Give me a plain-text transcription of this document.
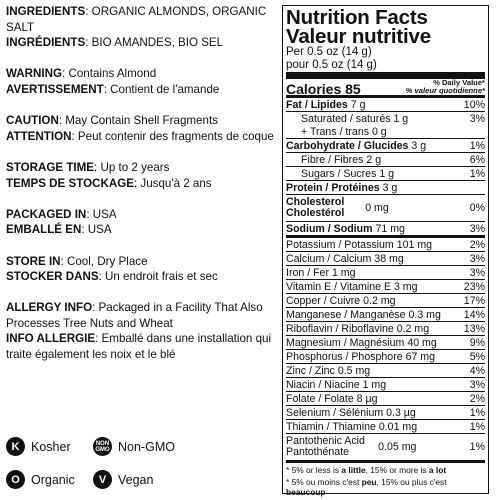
INGREDIENTS: ORGANIC ALMONDS, ORGANIC SALT

INGRÉDIENTS: BIO AMANDES, BIO SEL

WARNING: Contains Almond

AVERTISSEMENT: Contient de l'amande

CAUTION: May Contain Shell Fragments

ATTENTION: Peut contenir des fragments de coque

STORAGE TIME: Up to 2 years

TEMPS DE STOCKAGE: Jusqu'à 2 ans

PACKAGED IN: USA

EMBALLÉ EN: USA

STORE IN: Cool, Dry Place

STOCKER DANS: Un endroit frais et sec

ALLERGY INFO: Packaged in a Facility That Also Processes Tree Nuts and Wheat

INFO ALLERGIE: Emballé dans une installation qui traite également les noix et le blé

K Kosher	NON GMO Non-GMO
O Organic	V Vegan
Nutrition Facts
Valeur nutritive
Per 0.5 oz (14 g)
pour 0.5 oz (14 g)
Calories 85	% Daily Value*
% valeur quotidienne*
Fat / Lipides 7 g	10%
Saturated / saturés 1 g	3%
+ Trans / trans 0 g
Carbohydrate / Glucides 3 g	1%
Fibre / Fibres 2 g	6%
Sugars / Sucres 1 g	1%
Protein / Protéines 3 g
Cholesterol
Cholestérol 0 mg	0%
Sodium / Sodium 71 mg	3%
Potassium / Potassium 101 mg	2%
Calcium / Calcium 38 mg	3%
Iron / Fer 1 mg	3%
Vitamin E / Vitamine E 3 mg	23%
Copper / Cuivre 0.2 mg	17%
Manganese / Manganèse 0.3 mg 14%
Riboflavin / Riboflavine 0.2 mg	13%
Magnesium / Magnésium 40 mg	9%
Phosphorus / Phosphore 67 mg	5%
Zinc / Zinc 0.5 mg	4%
Niacin / Niacine 1 mg	3%
Folate / Folate 8 µg	2%
Selenium / Sélénium 0.3 µg	1%
Thiamin / Thiamine 0.01 mg	1%
Pantothenic Acid
Pantothénate	0.05 mg	1%
* 5% or less is a little, 15% or more is a lot
* 5% ou moins c'est peu, 15% ou plus c'est beaucoup
